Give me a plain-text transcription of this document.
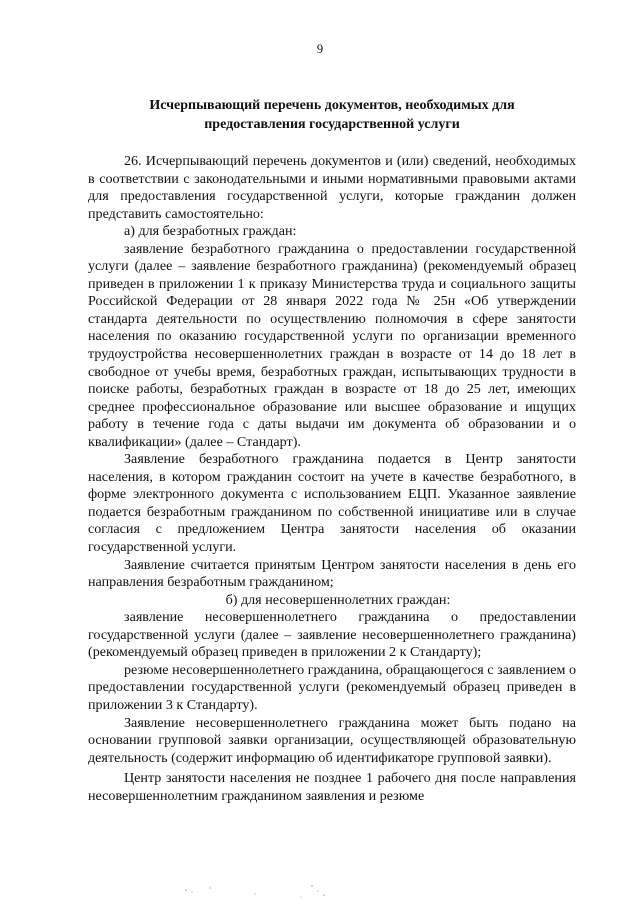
9
Исчерпывающий перечень документов, необходимых для
предоставления государственной услуги

26. Исчерпывающий перечень документов и (или) сведений, необходимых в соответствии с законодательными и иными нормативными правовыми актами для предоставления государственной услуги, которые гражданин должен представить самостоятельно:

а) для безработных граждан:

заявление безработного гражданина о предоставлении государственной услуги (далее – заявление безработного гражданина) (рекомендуемый образец приведен в приложении 1 к приказу Министерства труда и социального защиты Российской Федерации от 28 января 2022 года № 25н «Об утверждении стандарта деятельности по осуществлению полномочия в сфере занятости населения по оказанию государственной услуги по организации временного трудоустройства несовершеннолетних граждан в возрасте от 14 до 18 лет в свободное от учебы время, безработных граждан, испытывающих трудности в поиске работы, безработных граждан в возрасте от 18 до 25 лет, имеющих среднее профессиональное образование или высшее образование и ищущих работу в течение года с даты выдачи им документа об образовании и о квалификации» (далее – Стандарт).

Заявление безработного гражданина подается в Центр занятости населения, в котором гражданин состоит на учете в качестве безработного, в форме электронного документа с использованием ЕЦП. Указанное заявление подается безработным гражданином по собственной инициативе или в случае согласия с предложением Центра занятости населения об оказании государственной услуги.

Заявление считается принятым Центром занятости населения в день его направления безработным гражданином;

б) для несовершеннолетних граждан:

заявление несовершеннолетнего гражданина о предоставлении государственной услуги (далее – заявление несовершеннолетнего гражданина) (рекомендуемый образец приведен в приложении 2 к Стандарту);

резюме несовершеннолетнего гражданина, обращающегося с заявлением о предоставлении государственной услуги (рекомендуемый образец приведен в приложении 3 к Стандарту).

Заявление несовершеннолетнего гражданина может быть подано на основании групповой заявки организации, осуществляющей образовательную деятельность (содержит информацию об идентификаторе групповой заявки).

Центр занятости населения не позднее 1 рабочего дня после направления несовершеннолетним гражданином заявления и резюме
